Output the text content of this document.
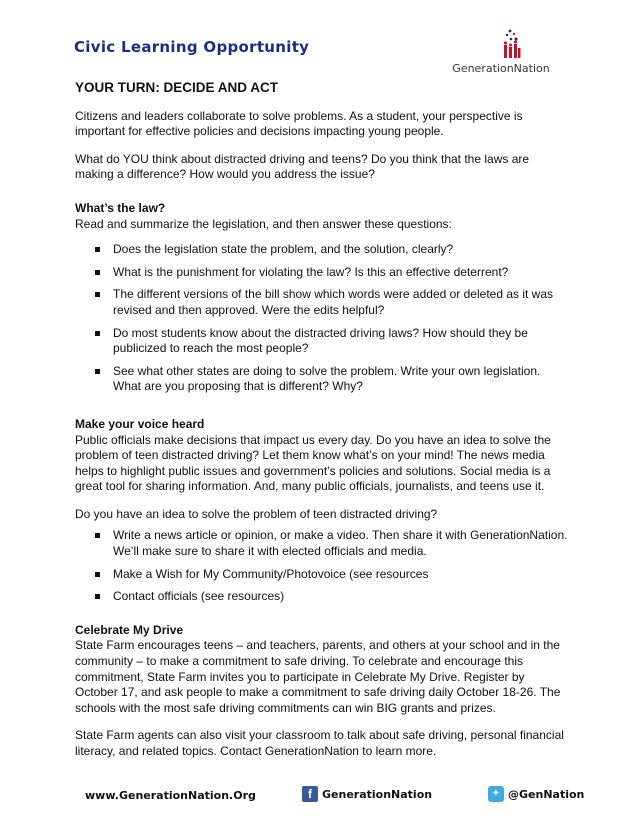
Civic Learning Opportunity
GenerationNation
YOUR TURN: DECIDE AND ACT

Citizens and leaders collaborate to solve problems. As a student, your perspective is important for effective policies and decisions impacting young people.

What do YOU think about distracted driving and teens? Do you think that the laws are making a difference? How would you address the issue?

What’s the law?
Read and summarize the legislation, and then answer these questions:
Does the legislation state the problem, and the solution, clearly?
What is the punishment for violating the law? Is this an effective deterrent?
The different versions of the bill show which words were added or deleted as it was revised and then approved. Were the edits helpful?
Do most students know about the distracted driving laws? How should they be publicized to reach the most people?
See what other states are doing to solve the problem. Write your own legislation. What are you proposing that is different? Why?
Make your voice heard

Public officials make decisions that impact us every day. Do you have an idea to solve the problem of teen distracted driving? Let them know what’s on your mind! The news media helps to highlight public issues and government’s policies and solutions. Social media is a great tool for sharing information. And, many public officials, journalists, and teens use it.

Do you have an idea to solve the problem of teen distracted driving?
Write a news article or opinion, or make a video. Then share it with GenerationNation. We’ll make sure to share it with elected officials and media.
Make a Wish for My Community/Photovoice (see resources
Contact officials (see resources)
Celebrate My Drive

State Farm encourages teens – and teachers, parents, and others at your school and in the community – to make a commitment to safe driving. To celebrate and encourage this commitment, State Farm invites you to participate in Celebrate My Drive. Register by October 17, and ask people to make a commitment to safe driving daily October 18-26. The schools with the most safe driving commitments can win BIG grants and prizes.

State Farm agents can also visit your classroom to talk about safe driving, personal financial literacy, and related topics. Contact GenerationNation to learn more.

www.GenerationNation.Org	f GenerationNation	✦ @GenNation
